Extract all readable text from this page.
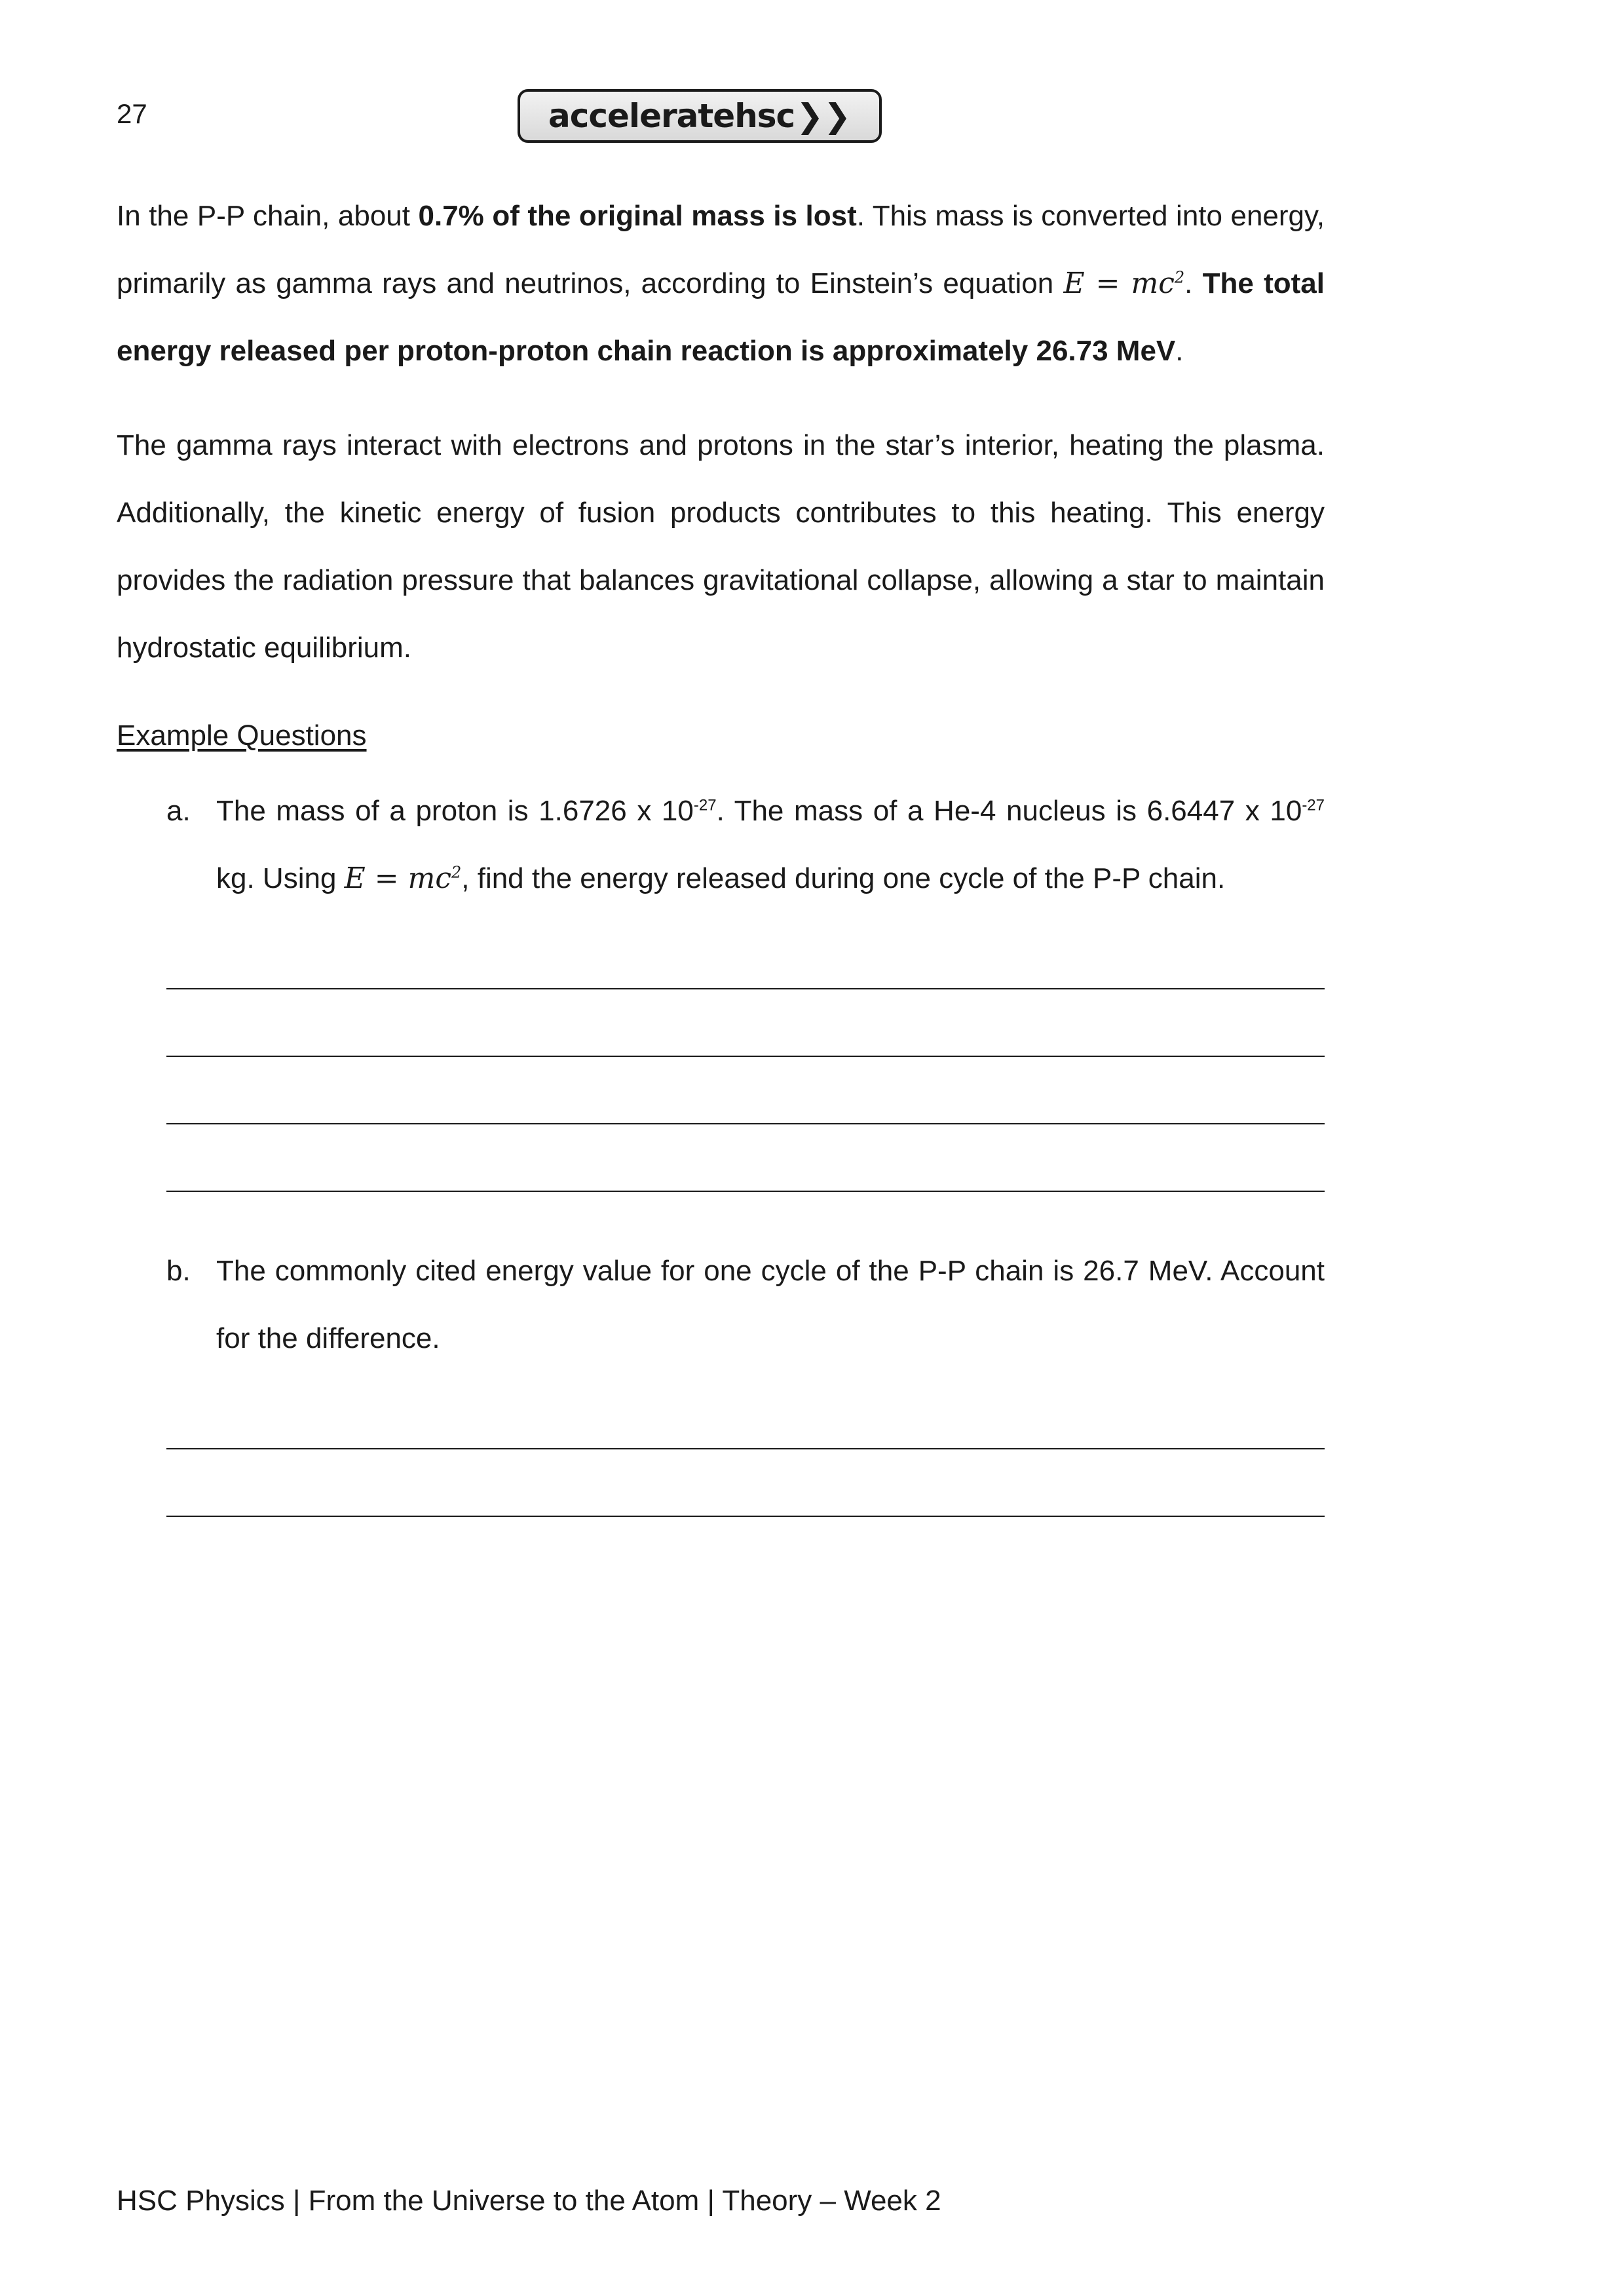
27	acceleratehsc ❯❯

In the P-P chain, about 0.7% of the original mass is lost. This mass is converted into energy, primarily as gamma rays and neutrinos, according to Einstein’s equation $E = mc^2$. The total energy released per proton-proton chain reaction is approximately 26.73 MeV.

The gamma rays interact with electrons and protons in the star’s interior, heating the plasma. Additionally, the kinetic energy of fusion products contributes to this heating. This energy provides the radiation pressure that balances gravitational collapse, allowing a star to maintain hydrostatic equilibrium.

Example Questions
a. The mass of a proton is 1.6726 x $10^{-27}$. The mass of a He-4 nucleus is 6.6447 x $10^{-27}$ kg. Using $E = mc^2$, find the energy released during one cycle of the P-P chain.

b. The commonly cited energy value for one cycle of the P-P chain is 26.7 MeV. Account for the difference.

HSC Physics | From the Universe to the Atom | Theory – Week 2
